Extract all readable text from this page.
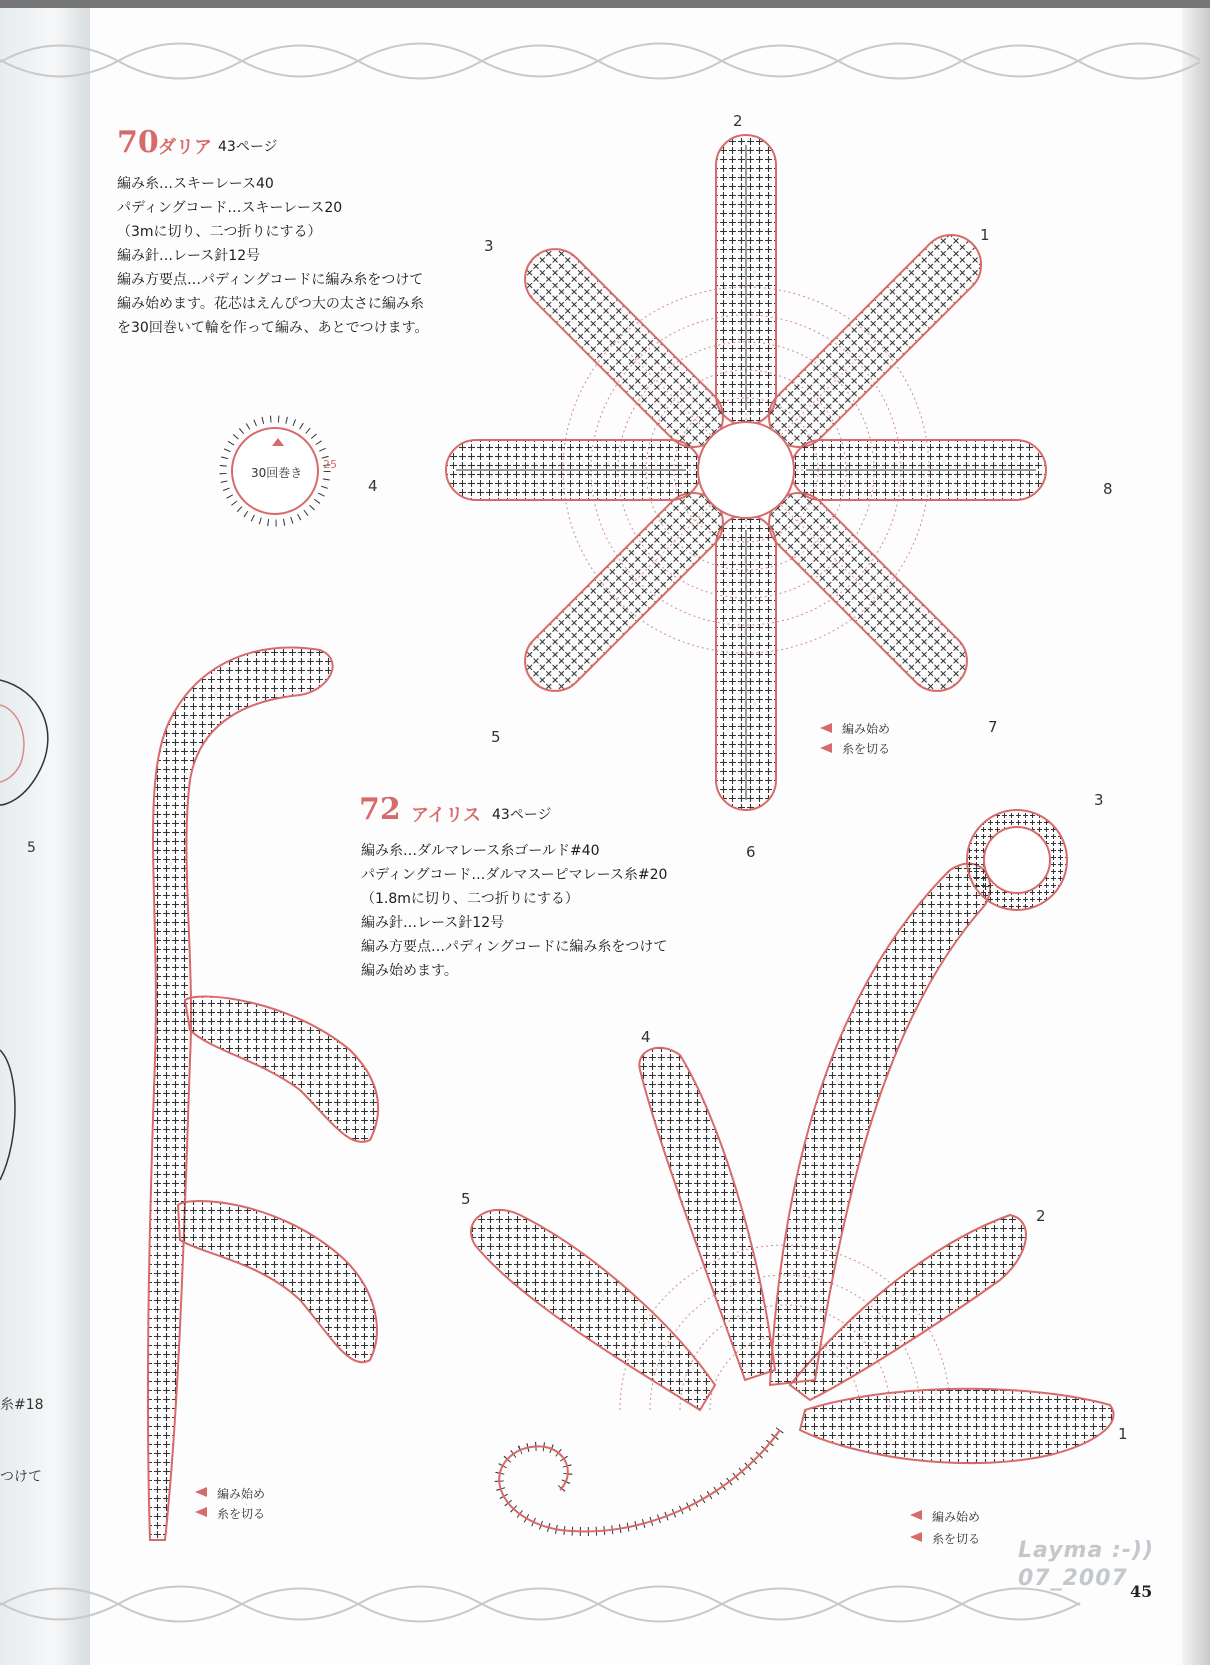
70 ダリア 43ページ
編み糸…スキーレース40
パディングコード…スキーレース20
（3mに切り、二つ折りにする）
編み針…レース針12号
編み方要点…パディングコードに編み糸をつけて
編み始めます。花芯はえんぴつ大の太さに編み糸
を30回巻いて輪を作って編み、あとでつけます。
30回巻き
25
1
2
3
4
5
6
7
8
編み始め
糸を切る
72 アイリス 43ページ
編み糸…ダルマレース糸ゴールド#40
パディングコード…ダルマスーピマレース糸#20
（1.8mに切り、二つ折りにする）
編み針…レース針12号
編み方要点…パディングコードに編み糸をつけて
編み始めます。
1
2
3
4
5
編み始め
糸を切る
編み始め
糸を切る
5
糸#18
つけて
Layma :-))
07_2007
45
